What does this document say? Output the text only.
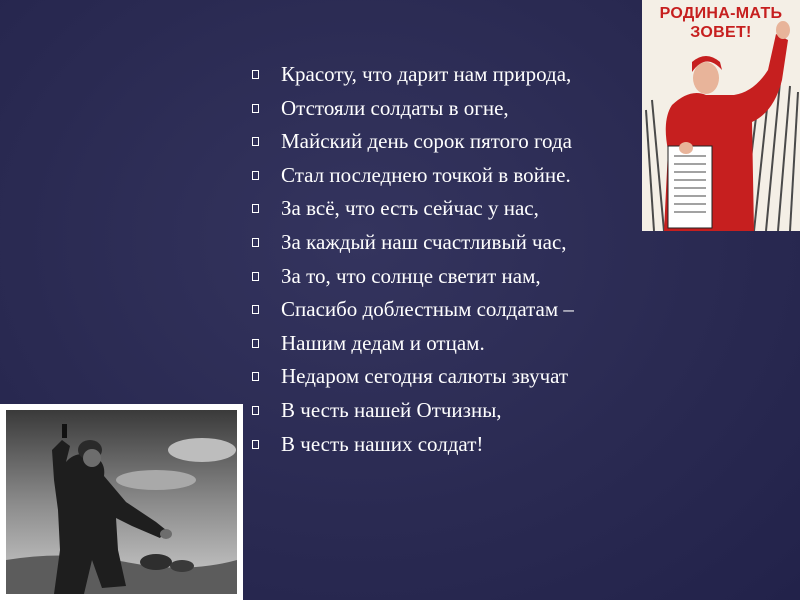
Красоту, что дарит нам природа,
Отстояли солдаты в огне,
Майский день сорок пятого года
Стал последнею точкой в войне.
За всё, что есть сейчас у нас,
За каждый наш счастливый час,
За то, что солнце светит нам,
Спасибо доблестным солдатам –
Нашим дедам и отцам.
Недаром сегодня салюты звучат
В честь нашей Отчизны,
В честь наших солдат!
РОДИНА-МАТЬ
ЗОВЕТ!
